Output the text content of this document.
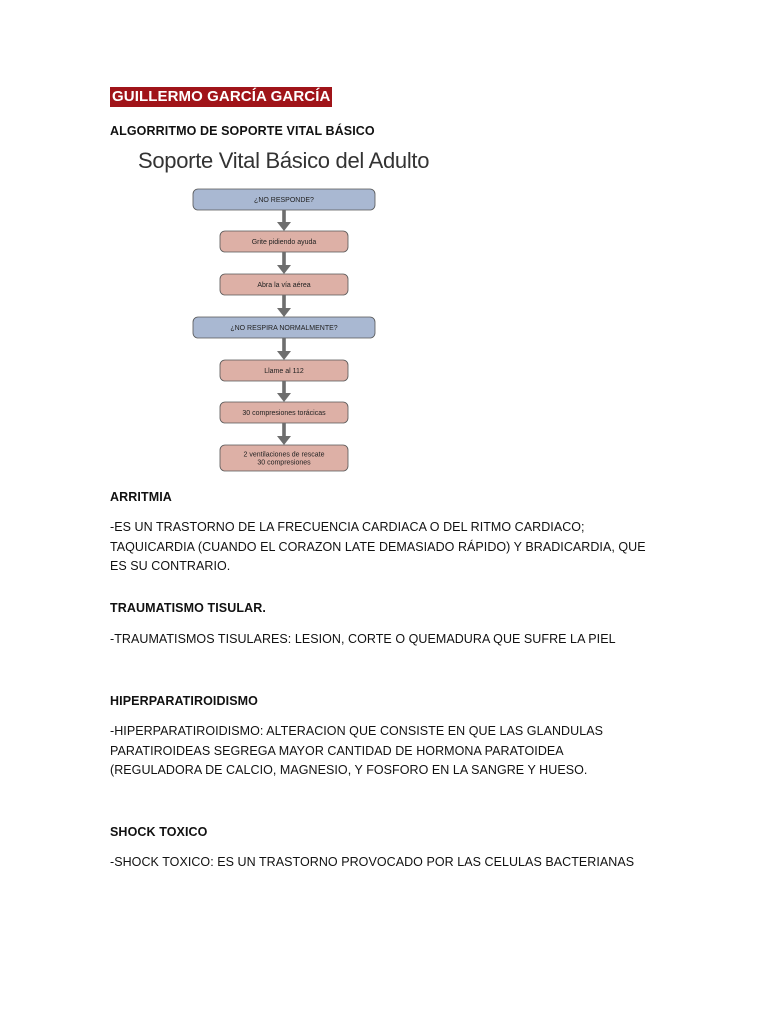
GUILLERMO GARCÍA GARCÍA
ALGORRITMO DE SOPORTE VITAL BÁSICO
ARRITMIA
-ES UN TRASTORNO DE LA FRECUENCIA CARDIACA O DEL RITMO CARDIACO; TAQUICARDIA (CUANDO EL CORAZON LATE DEMASIADO RÁPIDO) Y BRADICARDIA, QUE ES SU CONTRARIO.
TRAUMATISMO TISULAR.
-TRAUMATISMOS TISULARES: LESION, CORTE O QUEMADURA QUE SUFRE LA PIEL
HIPERPARATIROIDISMO
-HIPERPARATIROIDISMO: ALTERACION QUE CONSISTE EN QUE LAS GLANDULAS PARATIROIDEAS SEGREGA MAYOR CANTIDAD DE HORMONA PARATOIDEA (REGULADORA DE CALCIO, MAGNESIO, Y FOSFORO EN LA SANGRE Y HUESO.
SHOCK TOXICO
-SHOCK TOXICO: ES UN TRASTORNO PROVOCADO POR LAS CELULAS BACTERIANAS
Soporte Vital Básico del Adulto
¿NO RESPONDE?
Grite pidiendo ayuda
Abra la vía aérea
¿NO RESPIRA NORMALMENTE?
Llame al 112
30 compresiones torácicas
2 ventilaciones de rescate
30 compresiones
